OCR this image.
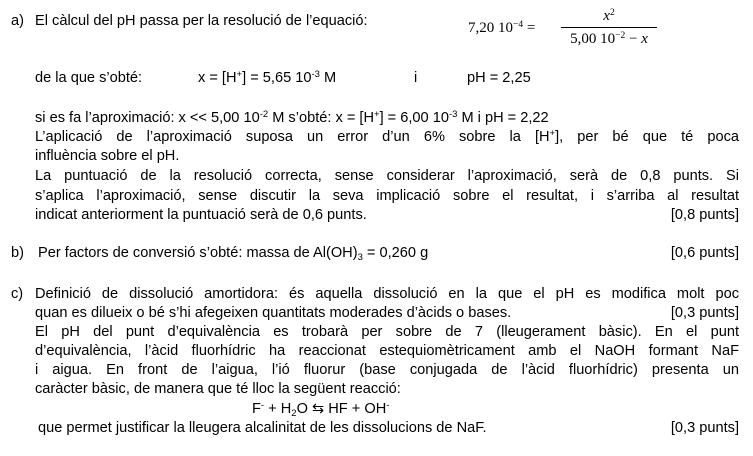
a) El càlcul del pH passa per la resolució de l’equació:	7,20 $10^{-4}$ =
$x^2$
5,00 $10^{-2} - x$
de la que s’obté:	x = [H+] = 5,65 $10^{-3}$ M	i	pH = 2,25
si es fa l’aproximació: x << 5,00 $10^{-2}$ M s’obté: x = [H+] = 6,00 $10^{-3}$ M i pH = 2,22
L’aplicació de l’aproximació suposa un error d’un 6% sobre la [H+], per bé que té poca
influència sobre el pH.
La puntuació de la resolució correcta, sense considerar l’aproximació, serà de 0,8 punts. Si
s’aplica l’aproximació, sense discutir la seva implicació sobre el resultat, i s’arriba al resultat
indicat anteriorment la puntuació serà de 0,6 punts.	[0,8 punts]
b) Per factors de conversió s’obté: massa de $Al(OH)_3 = 0,260$ g	[0,6 punts]
c) Definició de dissolució amortidora: és aquella dissolució en la que el pH es modifica molt poc
quan es dilueix o bé s’hi afegeixen quantitats moderades d’àcids o bases.	[0,3 punts]
El pH del punt d’equivalència es trobarà per sobre de 7 (lleugerament bàsic). En el punt
d’equivalència, l’àcid fluorhídric ha reaccionat estequiomètricament amb el NaOH formant NaF
i aigua. En front de l’aigua, l’ió fluorur (base conjugada de l’àcid fluorhídric) presenta un
caràcter bàsic, de manera que té lloc la següent reacció:
$F^- + H_2O$ ⇆ HF + OH-
que permet justificar la lleugera alcalinitat de les dissolucions de NaF.	[0,3 punts]
